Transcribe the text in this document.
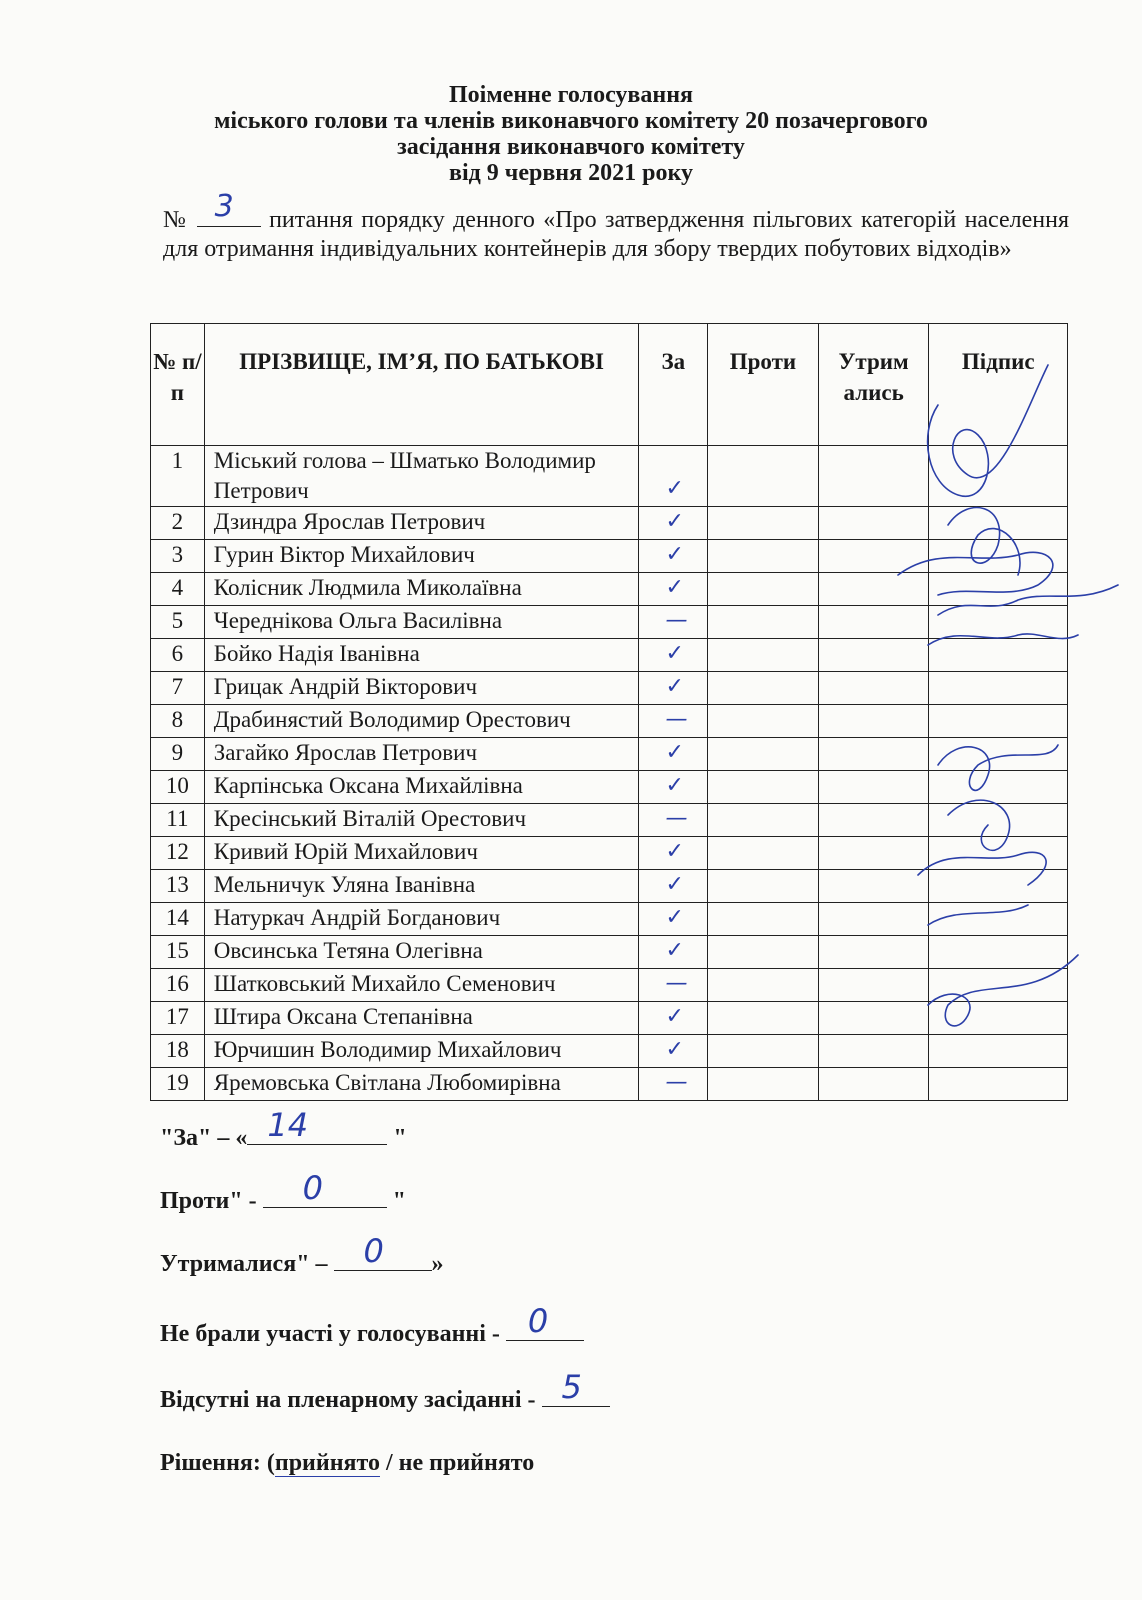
Поіменне голосування
міського голови та членів виконавчого комітету 20 позачергового
засідання виконавчого комітету
від 9 червня 2021 року
№ 3 питання порядку денного «Про затвердження пільгових категорій населення для отримання індивідуальних контейнерів для збору твердих побутових відходів»
№ п/п	ПРІЗВИЩЕ, ІМ’Я, ПО БАТЬКОВІ	За	Проти	Утрим ались	Підпис
1	Міський голова – Шматько Володимир Петрович	✓			

2	Дзиндра Ярослав Петрович	✓			

3	Гурин Віктор Михайлович	✓			

4	Колісник Людмила Миколаївна	✓			

5	Череднікова Ольга Василівна	—			

6	Бойко Надія Іванівна	✓			

7	Грицак Андрій Вікторович	✓			

8	Драбинястий Володимир Орестович	—			

9	Загайко Ярослав Петрович	✓			

10	Карпінська Оксана Михайлівна	✓			

11	Кресінський Віталій Орестович	—			

12	Кривий Юрій Михайлович	✓			

13	Мельничук Уляна Іванівна	✓			

14	Натуркач Андрій Богданович	✓			

15	Овсинська Тетяна Олегівна	✓			

16	Шатковський Михайло Семенович	—			

17	Штира Оксана Степанівна	✓			

18	Юрчишин Володимир Михайлович	✓			

19	Яремовська Світлана Любомирівна	—			

"За" – « 14	"
Проти" - 0	"
Утрималися" – 0 »
Не брали участі у голосуванні - 0
Відсутні на пленарному засіданні - 5
Рішення: (прийнято / не прийнято
